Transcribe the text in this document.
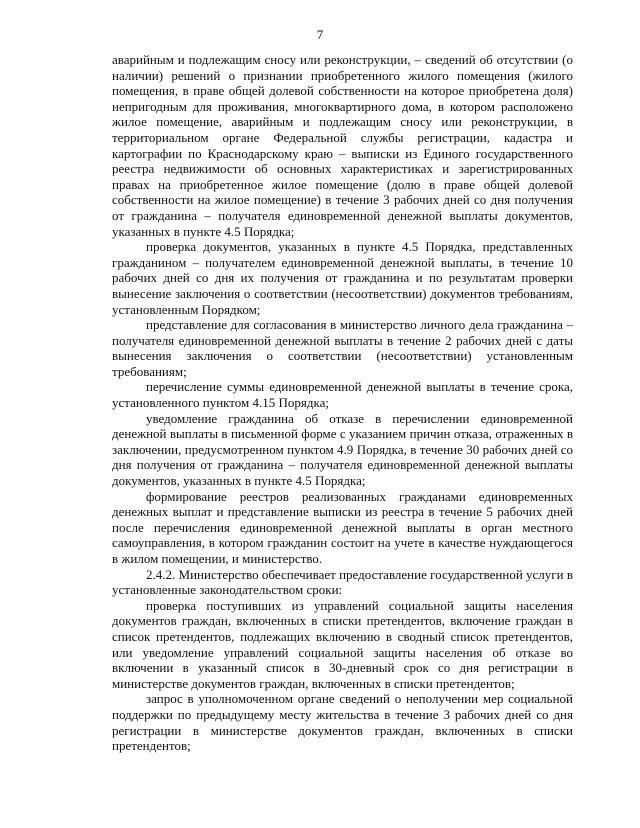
7

аварийным и подлежащим сносу или реконструкции, – сведений об отсутствии (о наличии) решений о признании приобретенного жилого помещения (жилого помещения, в праве общей долевой собственности на которое приобретена доля) непригодным для проживания, многоквартирного дома, в котором расположено жилое помещение, аварийным и подлежащим сносу или реконструкции, в территориальном органе Федеральной службы регистрации, кадастра и картографии по Краснодарскому краю – выписки из Единого государственного реестра недвижимости об основных характеристиках и зарегистрированных правах на приобретенное жилое помещение (долю в праве общей долевой собственности на жилое помещение) в течение 3 рабочих дней со дня получения от гражданина – получателя единовременной денежной выплаты документов, указанных в пункте 4.5 Порядка;

проверка документов, указанных в пункте 4.5 Порядка, представленных гражданином – получателем единовременной денежной выплаты, в течение 10 рабочих дней со дня их получения от гражданина и по результатам проверки вынесение заключения о соответствии (несоответствии) документов требованиям, установленным Порядком;

представление для согласования в министерство личного дела гражданина – получателя единовременной денежной выплаты в течение 2 рабочих дней с даты вынесения заключения о соответствии (несоответствии) установленным требованиям;

перечисление суммы единовременной денежной выплаты в течение срока, установленного пунктом 4.15 Порядка;

уведомление гражданина об отказе в перечислении единовременной денежной выплаты в письменной форме с указанием причин отказа, отраженных в заключении, предусмотренном пунктом 4.9 Порядка, в течение 30 рабочих дней со дня получения от гражданина – получателя единовременной денежной выплаты документов, указанных в пункте 4.5 Порядка;

формирование реестров реализованных гражданами единовременных денежных выплат и представление выписки из реестра в течение 5 рабочих дней после перечисления единовременной денежной выплаты в орган местного самоуправления, в котором гражданин состоит на учете в качестве нуждающегося в жилом помещении, и министерство.

2.4.2. Министерство обеспечивает предоставление государственной услуги в установленные законодательством сроки:

проверка поступивших из управлений социальной защиты населения документов граждан, включенных в списки претендентов, включение граждан в список претендентов, подлежащих включению в сводный список претендентов, или уведомление управлений социальной защиты населения об отказе во включении в указанный список в 30-дневный срок со дня регистрации в министерстве документов граждан, включенных в списки претендентов;

запрос в уполномоченном органе сведений о неполучении мер социальной поддержки по предыдущему месту жительства в течение 3 рабочих дней со дня регистрации в министерстве документов граждан, включенных в списки претендентов;
